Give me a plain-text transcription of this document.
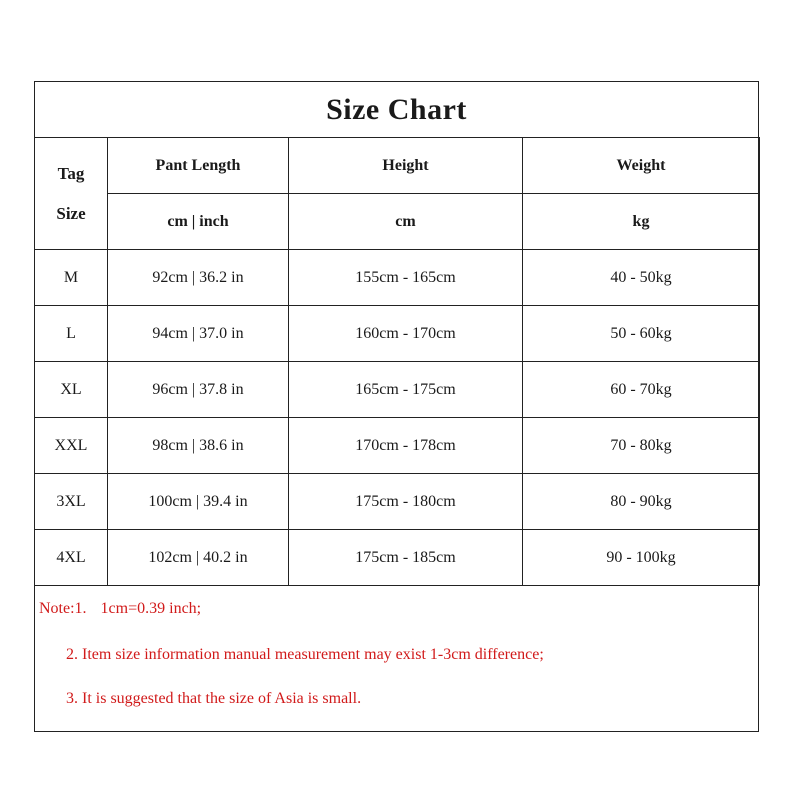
Size Chart
Tag
Size	Pant Length	Height	Weight
	cm | inch	cm	kg
M	92cm | 36.2 in	155cm - 165cm	40 - 50kg
L	94cm | 37.0 in	160cm - 170cm	50 - 60kg
XL	96cm | 37.8 in	165cm - 175cm	60 - 70kg
XXL	98cm | 38.6 in	170cm - 178cm	70 - 80kg
3XL	100cm | 39.4 in	175cm - 180cm	80 - 90kg
4XL	102cm | 40.2 in	175cm - 185cm	90 - 100kg
Note:1. 1cm=0.39 inch;
2. Item size information manual measurement may exist 1-3cm difference;
3. It is suggested that the size of Asia is small.
